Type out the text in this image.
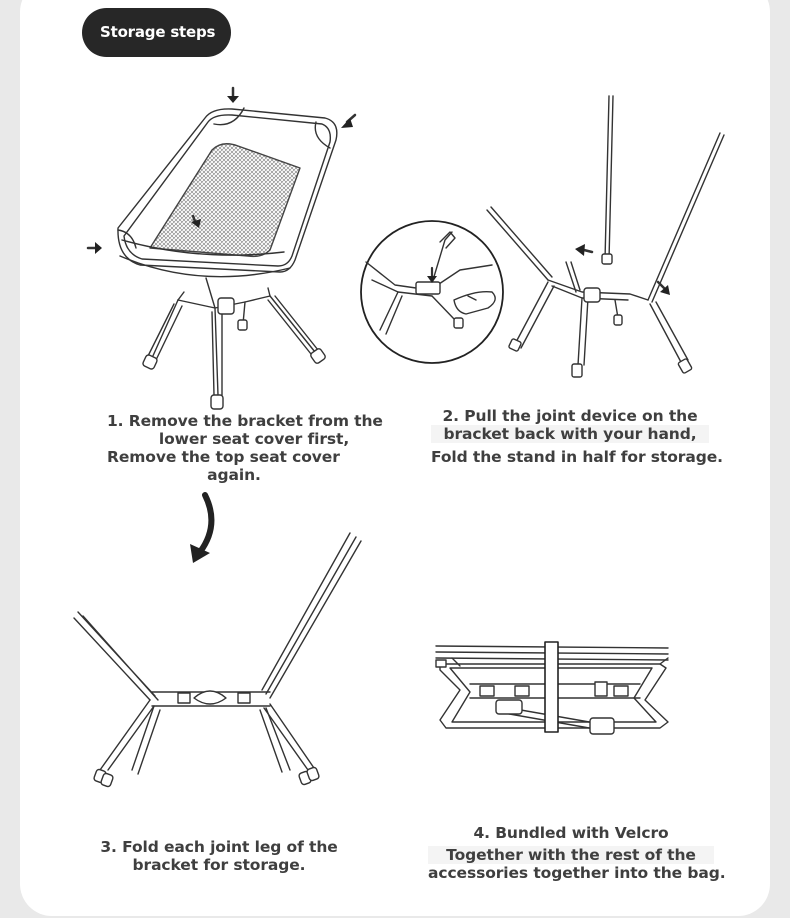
Storage steps
1. Remove the bracket from the
lower seat cover first,
Remove the top seat cover
again.
2. Pull the joint device on the
bracket back with your hand,
Fold the stand in half for storage.
3. Fold each joint leg of the
bracket for storage.
4. Bundled with Velcro
Together with the rest of the
accessories together into the bag.
